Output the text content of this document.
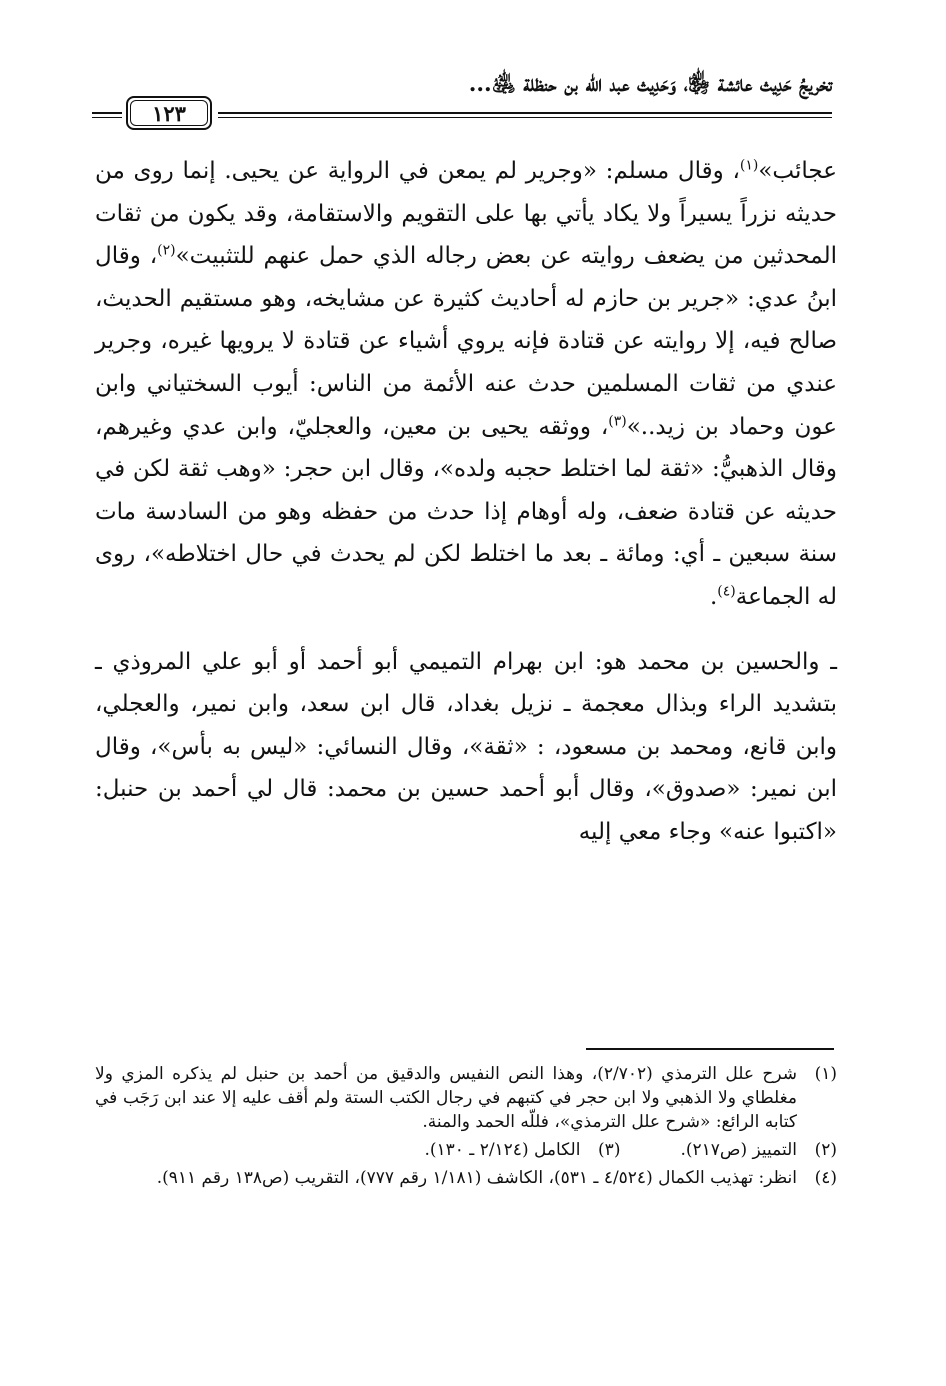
تخريجُ حَدِيث عائشة ﵂، وَحَدِيث عبد الله بن حنظلة ﵁...
١٢٣

عجائب»$^{(١)}$، وقال مسلم: «وجرير لم يمعن في الرواية عن يحيى. إنما روى من حديثه نزراً يسيراً ولا يكاد يأتي بها على التقويم والاستقامة، وقد يكون من ثقات المحدثين من يضعف روايته عن بعض رجاله الذي حمل عنهم للتثبيت»$^{(٢)}$، وقال ابنُ عدي: «جرير بن حازم له أحاديث كثيرة عن مشايخه، وهو مستقيم الحديث، صالح فيه، إلا روايته عن قتادة فإنه يروي أشياء عن قتادة لا يرويها غيره، وجرير عندي من ثقات المسلمين حدث عنه الأئمة من الناس: أيوب السختياني وابن عون وحماد بن زيد..»$^{(٣)}$، ووثقه يحيى بن معين، والعجليّ، وابن عدي وغيرهم، وقال الذهبيُّ: «ثقة لما اختلط حجبه ولده»، وقال ابن حجر: «وهب ثقة لكن في حديثه عن قتادة ضعف، وله أوهام إذا حدث من حفظه وهو من السادسة مات سنة سبعين ـ أي: ومائة ـ بعد ما اختلط لكن لم يحدث في حال اختلاطه»، روى له الجماعة$^{(٤)}$.

ـ والحسين بن محمد هو: ابن بهرام التميمي أبو أحمد أو أبو علي المروذي ـ بتشديد الراء وبذال معجمة ـ نزيل بغداد، قال ابن سعد، وابن نمير، والعجلي، وابن قانع، ومحمد بن مسعود، : «ثقة»، وقال النسائي: «ليس به بأس»، وقال ابن نمير: «صدوق»، وقال أبو أحمد حسين بن محمد: قال لي أحمد بن حنبل: «اكتبوا عنه» وجاء معي إليه

(١)
شرح علل الترمذي (٢/٧٠٢)، وهذا النص النفيس والدقيق من أحمد بن حنبل لم يذكره المزي ولا مغلطاي ولا الذهبي ولا ابن حجر في كتبهم في رجال الكتب الستة ولم أقف عليه إلا عند ابن رَجَب في كتابه الرائع: «شرح علل الترمذي»، فللّه الحمد والمنة.
(٢)
التمييز (ص٢١٧).
(٣)
الكامل (٢/١٢٤ ـ ١٣٠).
(٤)
انظر: تهذيب الكمال (٤/٥٢٤ ـ ٥٣١)، الكاشف (١/١٨١ رقم ٧٧٧)، التقريب (ص١٣٨ رقم ٩١١).
